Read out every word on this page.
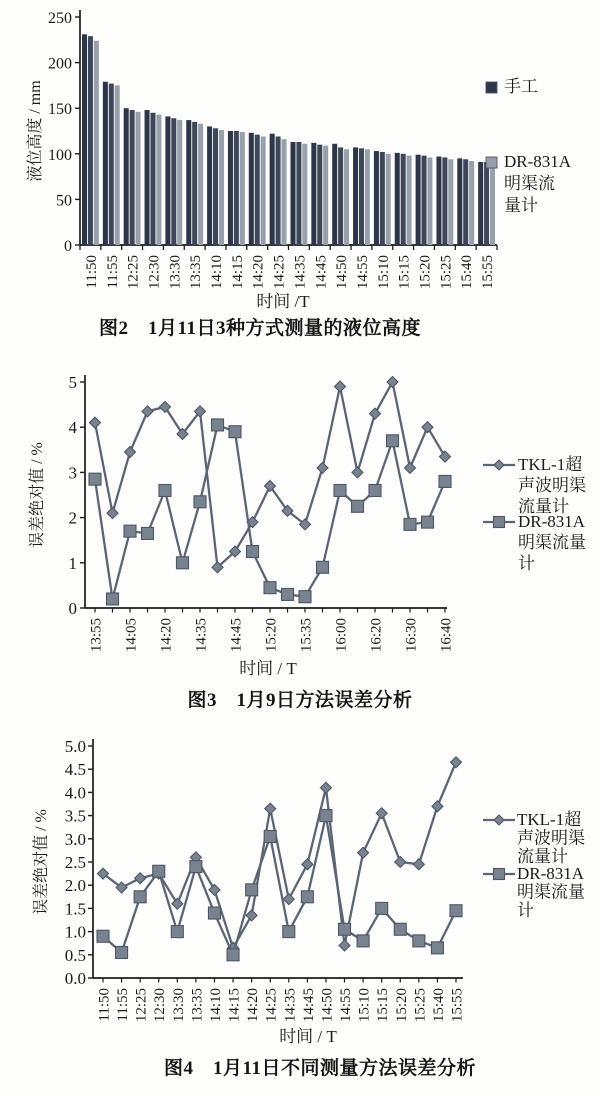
0
50
100
150
200
250
液位高度 / mm
时间 /T
11:50 11:55 12:25 12:30 13:30 13:35 14:10 14:15 14:20 14:25 14:35 14:45 14:50 14:55 15:10 15:15 15:20 15:25 15:40 15:55
手工
DR-831A
明渠流
量计
图2　1月11日3种方式测量的液位高度
0
1
2
3
4
5
误差绝对值 / %
时间 / T
13:55 14:05 14:20 14:35 14:45 15:20 15:35 16:00 16:20 16:30 16:40
TKL-1超
声波明渠
流量计
DR-831A
明渠流量
计
图3　1月9日方法误差分析
0.0
0.5
1.0
1.5
2.0
2.5
3.0
3.5
4.0
4.5
5.0
误差绝对值 / %
时间 / T
11:50 11:55 12:25 12:30 13:30 13:35 14:10 14:15 14:20 14:25 14:35 14:45 14:50 14:55 15:10 15:15 15:20 15:25 15:40 15:55
TKL-1超
声波明渠
流量计
DR-831A
明渠流量
计
图4　1月11日不同测量方法误差分析
